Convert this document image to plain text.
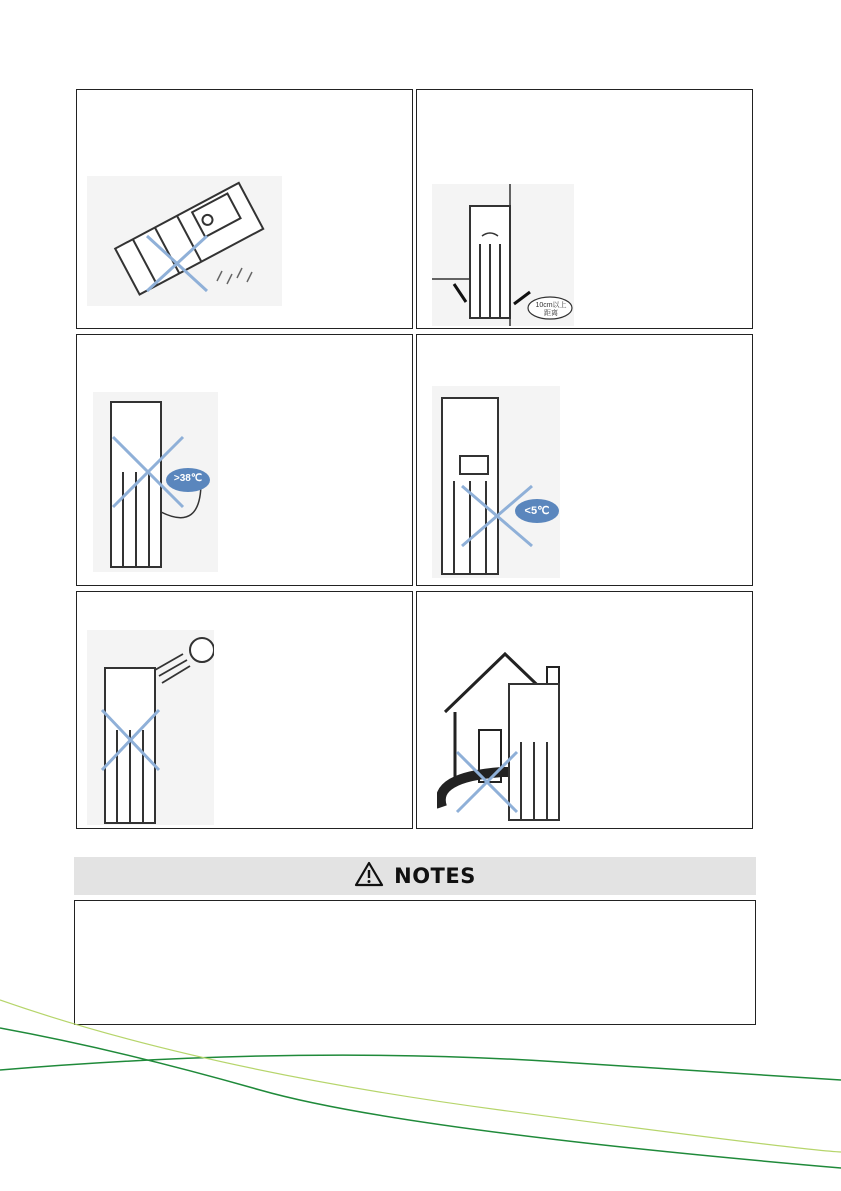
10cm以上 距离
>38℃
<5℃
NOTES
